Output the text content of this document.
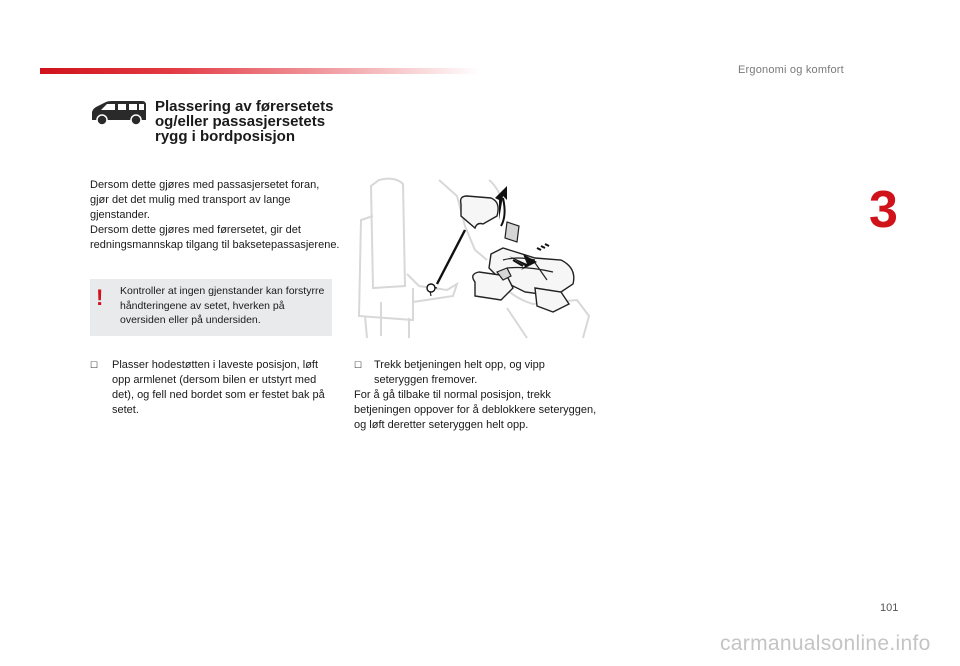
Ergonomi og komfort
3
Plassering av førersetets og/eller passasjersetets rygg i bordposisjon

Dersom dette gjøres med passasjersetet foran, gjør det det mulig med transport av lange gjenstander.

Dersom dette gjøres med førersetet, gir det redningsmannskap tilgang til baksetepassasjerene.

! Kontroller at ingen gjenstander kan forstyrre håndteringene av setet, hverken på oversiden eller på undersiden.
☐	Plasser hodestøtten i laveste posisjon, løft opp armlenet (dersom bilen er utstyrt med det), og fell ned bordet som er festet bak på setet.
☐	Trekk betjeningen helt opp, og vipp seteryggen fremover.
For å gå tilbake til normal posisjon, trekk betjeningen oppover for å deblokkere seteryggen, og løft deretter seteryggen helt opp.
101
carmanualsonline.info
